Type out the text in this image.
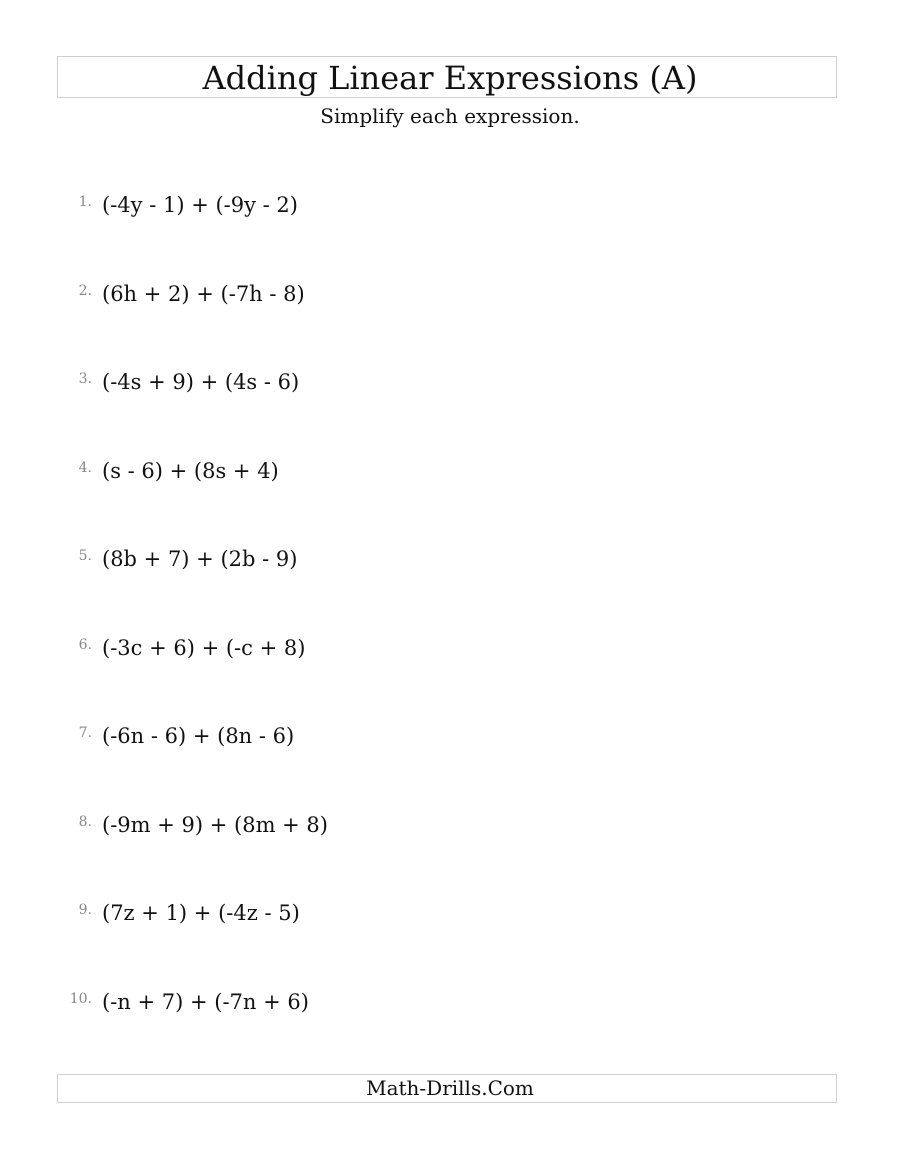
Adding Linear Expressions (A)
Simplify each expression.
1. (-4y - 1) + (-9y - 2)
2. (6h + 2) + (-7h - 8)
3. (-4s + 9) + (4s - 6)
4. (s - 6) + (8s + 4)
5. (8b + 7) + (2b - 9)
6. (-3c + 6) + (-c + 8)
7. (-6n - 6) + (8n - 6)
8. (-9m + 9) + (8m + 8)
9. (7z + 1) + (-4z - 5)
10. (-n + 7) + (-7n + 6)
Math-Drills.Com
